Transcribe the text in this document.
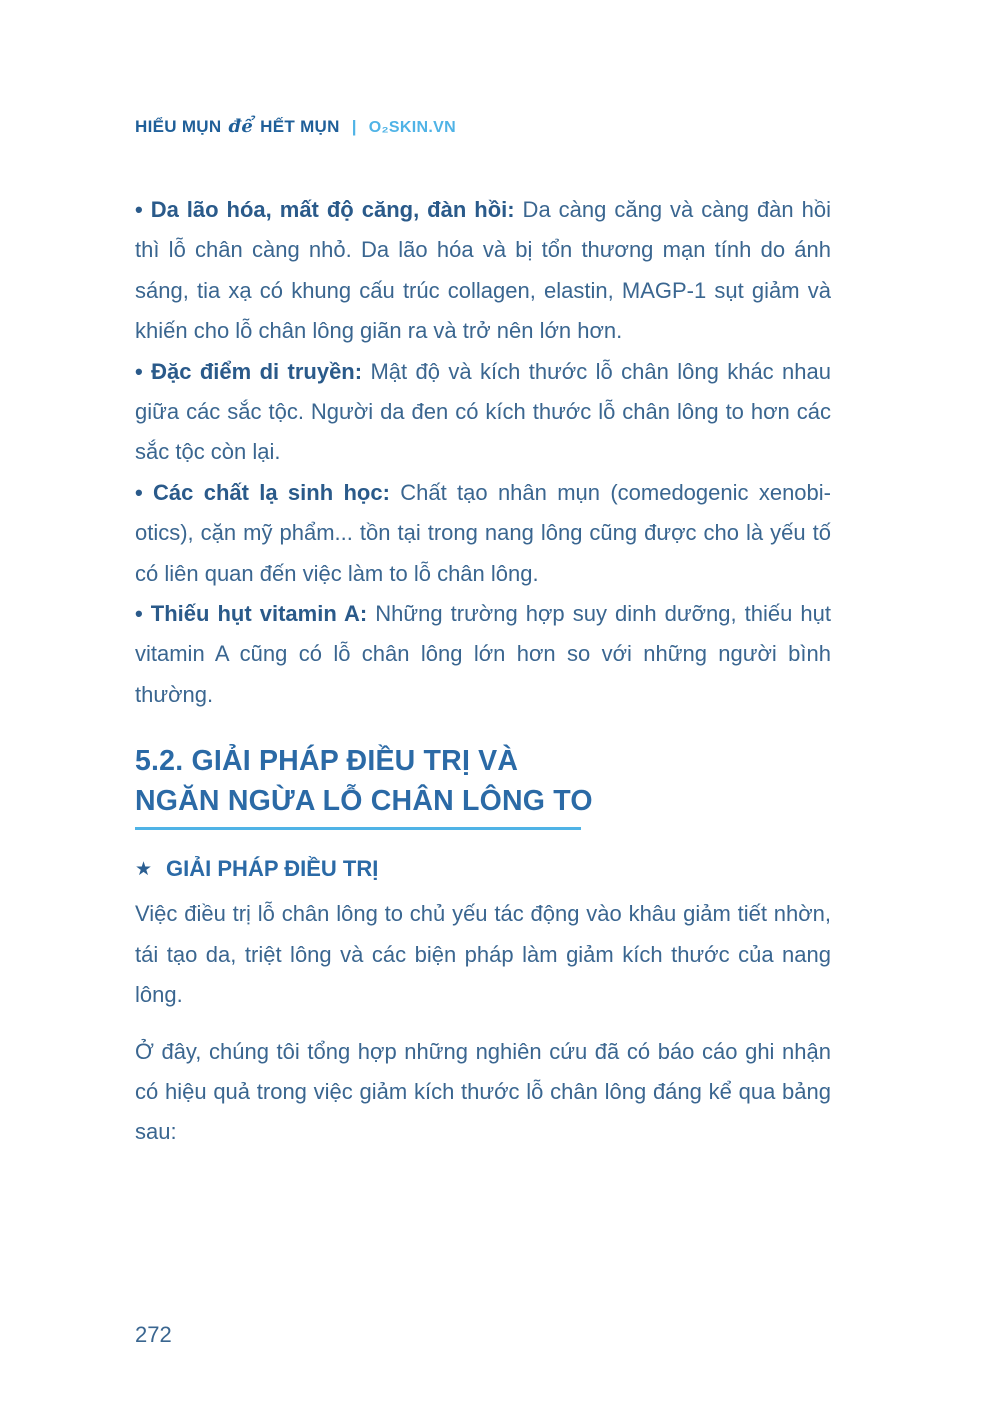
HIỂU MỤN để HẾT MỤN | O₂SKIN.VN

• Da lão hóa, mất độ căng, đàn hồi: Da càng căng và càng đàn hồi thì lỗ chân càng nhỏ. Da lão hóa và bị tổn thương mạn tính do ánh sáng, tia xạ có khung cấu trúc collagen, elastin, MAGP-1 sụt giảm và khiến cho lỗ chân lông giãn ra và trở nên lớn hơn.

• Đặc điểm di truyền: Mật độ và kích thước lỗ chân lông khác nhau giữa các sắc tộc. Người da đen có kích thước lỗ chân lông to hơn các sắc tộc còn lại.

• Các chất lạ sinh học: Chất tạo nhân mụn (comedogenic xenobiotics), cặn mỹ phẩm... tồn tại trong nang lông cũng được cho là yếu tố có liên quan đến việc làm to lỗ chân lông.

• Thiếu hụt vitamin A: Những trường hợp suy dinh dưỡng, thiếu hụt vitamin A cũng có lỗ chân lông lớn hơn so với những người bình thường.

5.2. GIẢI PHÁP ĐIỀU TRỊ VÀ
NGĂN NGỪA LỖ CHÂN LÔNG TO
★ GIẢI PHÁP ĐIỀU TRỊ

Việc điều trị lỗ chân lông to chủ yếu tác động vào khâu giảm tiết nhờn, tái tạo da, triệt lông và các biện pháp làm giảm kích thước của nang lông.

Ở đây, chúng tôi tổng hợp những nghiên cứu đã có báo cáo ghi nhận có hiệu quả trong việc giảm kích thước lỗ chân lông đáng kể qua bảng sau:

272
